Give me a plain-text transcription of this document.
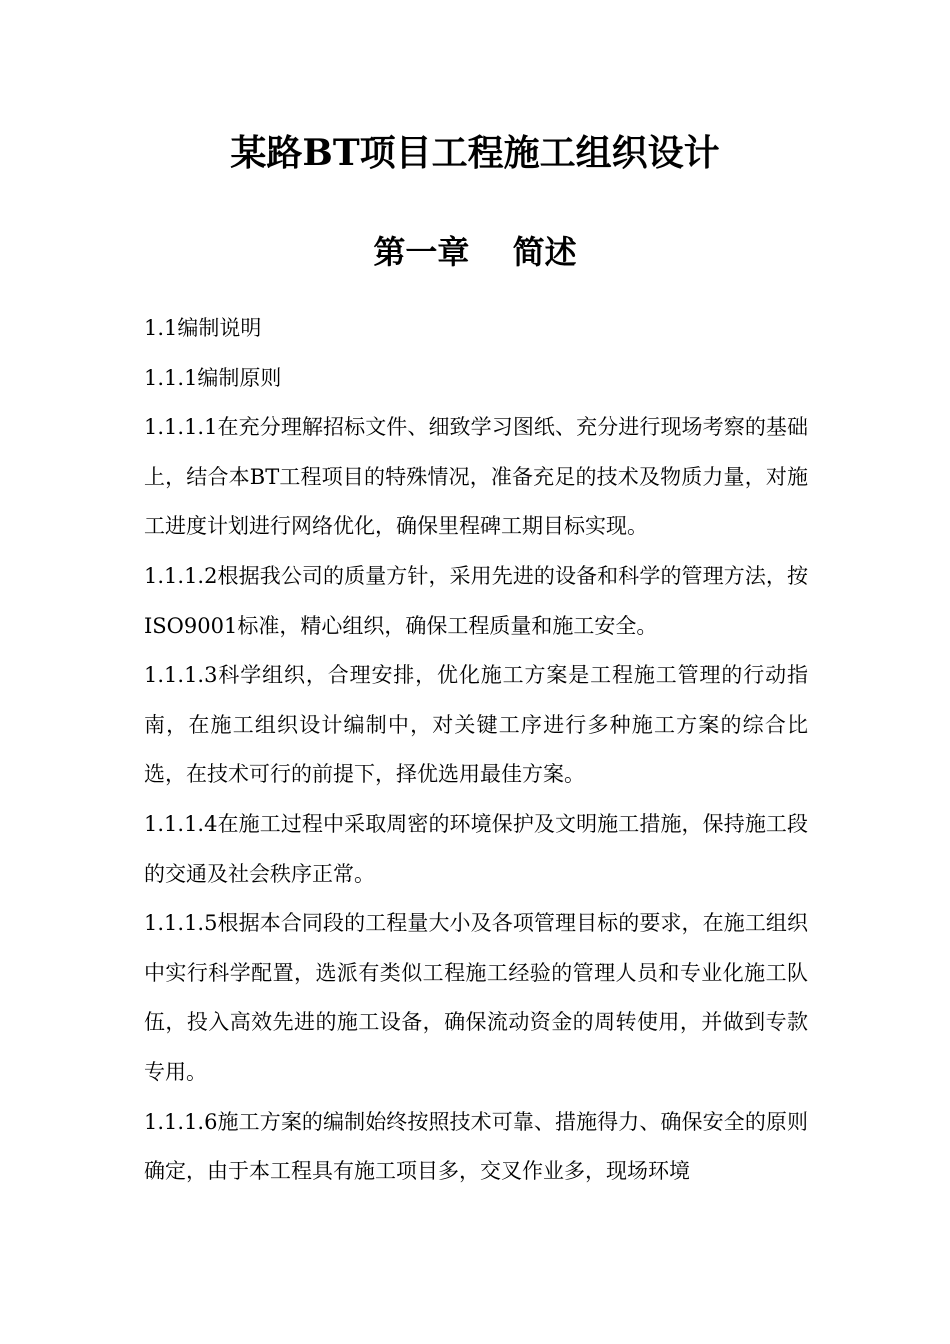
某路BT项目工程施工组织设计
第一章　 简述

1.1编制说明

1.1.1编制原则

1.1.1.1在充分理解招标文件、细致学习图纸、充分进行现场考察的基础上，结合本BT工程项目的特殊情况，准备充足的技术及物质力量，对施工进度计划进行网络优化，确保里程碑工期目标实现。

1.1.1.2根据我公司的质量方针，采用先进的设备和科学的管理方法，按ISO9001标准，精心组织，确保工程质量和施工安全。

1.1.1.3科学组织，合理安排，优化施工方案是工程施工管理的行动指南，在施工组织设计编制中，对关键工序进行多种施工方案的综合比选，在技术可行的前提下，择优选用最佳方案。

1.1.1.4在施工过程中采取周密的环境保护及文明施工措施，保持施工段的交通及社会秩序正常。

1.1.1.5根据本合同段的工程量大小及各项管理目标的要求，在施工组织中实行科学配置，选派有类似工程施工经验的管理人员和专业化施工队伍，投入高效先进的施工设备，确保流动资金的周转使用，并做到专款专用。

1.1.1.6施工方案的编制始终按照技术可靠、措施得力、确保安全的原则确定，由于本工程具有施工项目多，交叉作业多，现场环境
